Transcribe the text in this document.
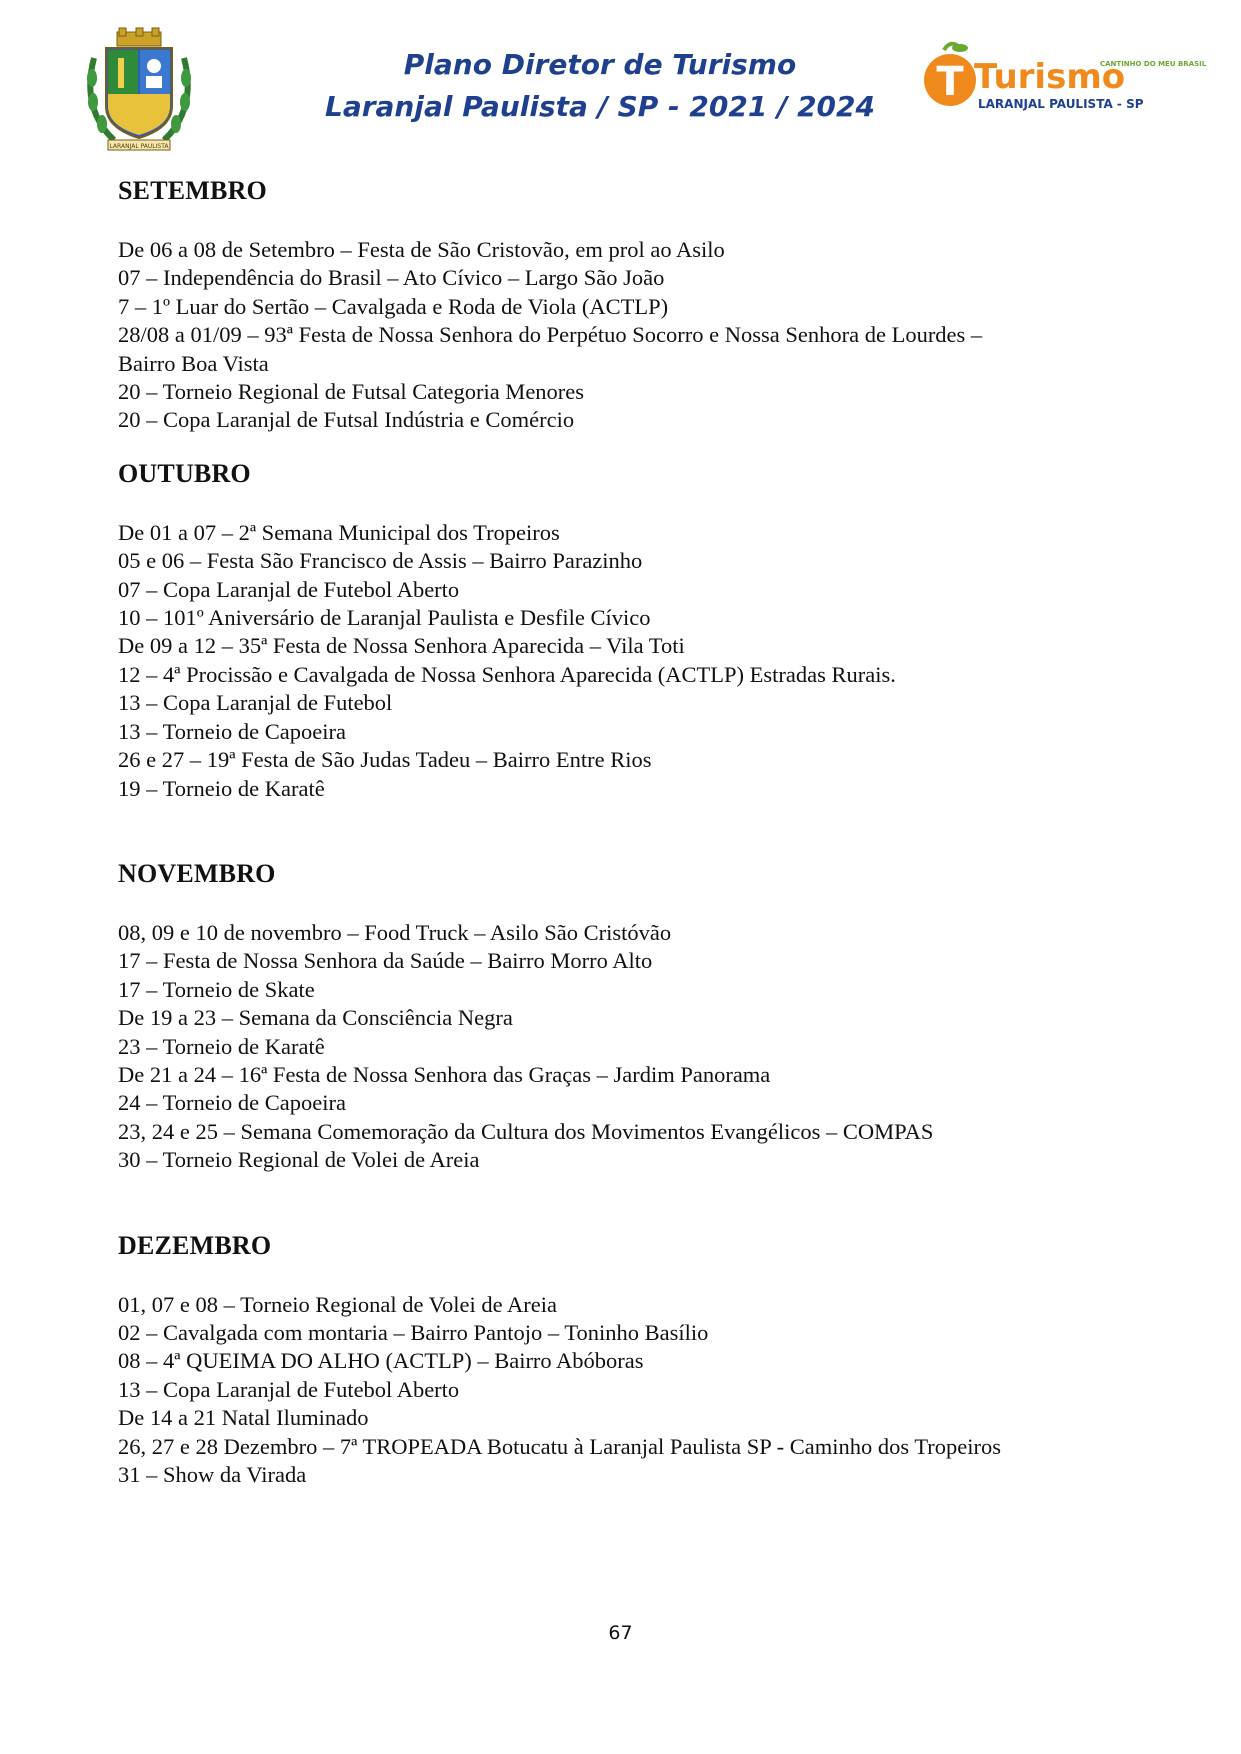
LARANJAL PAULISTA
Plano Diretor de Turismo
Laranjal Paulista / SP - 2021 / 2024
T Turismo
CANTINHO DO MEU BRASIL
LARANJAL PAULISTA - SP
SETEMBRO
De 06 a 08 de Setembro – Festa de São Cristovão, em prol ao Asilo
07 – Independência do Brasil – Ato Cívico – Largo São João
7 – 1º Luar do Sertão – Cavalgada e Roda de Viola (ACTLP)
28/08 a 01/09 – 93ª Festa de Nossa Senhora do Perpétuo Socorro e Nossa Senhora de Lourdes –
Bairro Boa Vista
20 – Torneio Regional de Futsal Categoria Menores
20 – Copa Laranjal de Futsal Indústria e Comércio
OUTUBRO
De 01 a 07 – 2ª Semana Municipal dos Tropeiros
05 e 06 – Festa São Francisco de Assis – Bairro Parazinho
07 – Copa Laranjal de Futebol Aberto
10 – 101º Aniversário de Laranjal Paulista e Desfile Cívico
De 09 a 12 – 35ª Festa de Nossa Senhora Aparecida – Vila Toti
12 – 4ª Procissão e Cavalgada de Nossa Senhora Aparecida (ACTLP) Estradas Rurais.
13 – Copa Laranjal de Futebol
13 – Torneio de Capoeira
26 e 27 – 19ª Festa de São Judas Tadeu – Bairro Entre Rios
19 – Torneio de Karatê
NOVEMBRO
08, 09 e 10 de novembro – Food Truck – Asilo São Cristóvão
17 – Festa de Nossa Senhora da Saúde – Bairro Morro Alto
17 – Torneio de Skate
De 19 a 23 – Semana da Consciência Negra
23 – Torneio de Karatê
De 21 a 24 – 16ª Festa de Nossa Senhora das Graças – Jardim Panorama
24 – Torneio de Capoeira
23, 24 e 25 – Semana Comemoração da Cultura dos Movimentos Evangélicos – COMPAS
30 – Torneio Regional de Volei de Areia
DEZEMBRO
01, 07 e 08 – Torneio Regional de Volei de Areia
02 – Cavalgada com montaria – Bairro Pantojo – Toninho Basílio
08 – 4ª QUEIMA DO ALHO (ACTLP) – Bairro Abóboras
13 – Copa Laranjal de Futebol Aberto
De 14 a 21 Natal Iluminado
26, 27 e 28 Dezembro – 7ª TROPEADA Botucatu à Laranjal Paulista SP - Caminho dos Tropeiros
31 – Show da Virada
67
